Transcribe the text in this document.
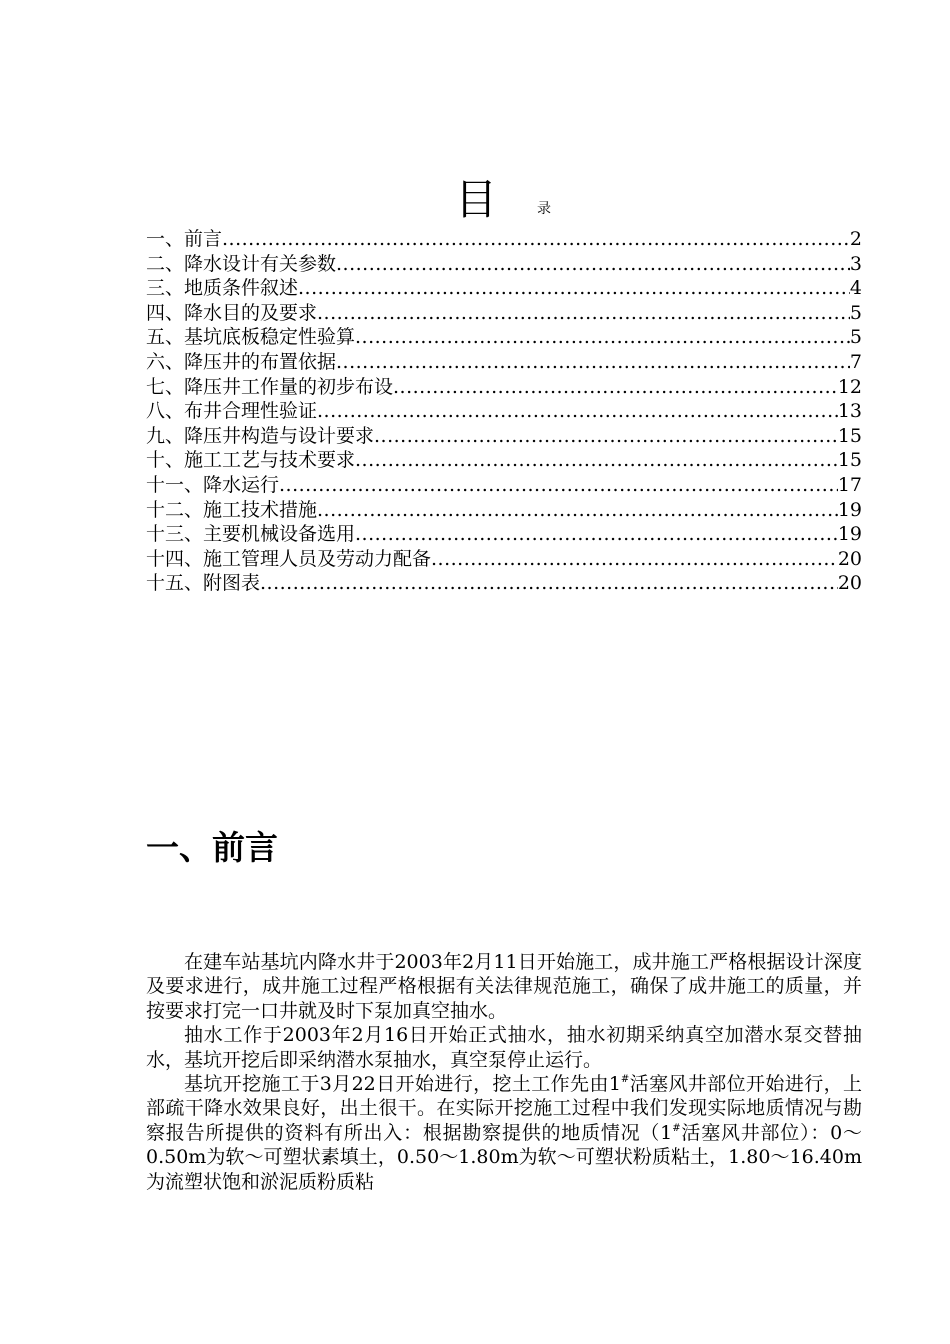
目	录
一、前言 .....	2
二、降水设计有关参数 .....	3
三、地质条件叙述 .....	4
四、降水目的及要求 .....	5
五、基坑底板稳定性验算 .....	5
六、降压井的布置依据 .....	7
七、降压井工作量的初步布设 .....	12
八、布井合理性验证 .....	13
九、降压井构造与设计要求 .....	15
十、施工工艺与技术要求 .....	15
十一、降水运行 .....	17
十二、施工技术措施 .....	19
十三、主要机械设备选用 .....	19
十四、施工管理人员及劳动力配备 .....	20
十五、附图表 .....	20
一、前言

在建车站基坑内降水井于2003年2月11日开始施工，成井施工严格根据设计深度及要求进行，成井施工过程严格根据有关法律规范施工，确保了成井施工的质量，并按要求打完一口井就及时下泵加真空抽水。

抽水工作于2003年2月16日开始正式抽水，抽水初期采纳真空加潜水泵交替抽水，基坑开挖后即采纳潜水泵抽水，真空泵停止运行。

基坑开挖施工于3月22日开始进行，挖土工作先由1#活塞风井部位开始进行，上部疏干降水效果良好，出土很干。在实际开挖施工过程中我们发现实际地质情况与勘察报告所提供的资料有所出入：根据勘察提供的地质情况（1#活塞风井部位）：0～0.50m为软～可塑状素填土，0.50～1.80m为软～可塑状粉质粘土，1.80～16.40m为流塑状饱和淤泥质粉质粘
